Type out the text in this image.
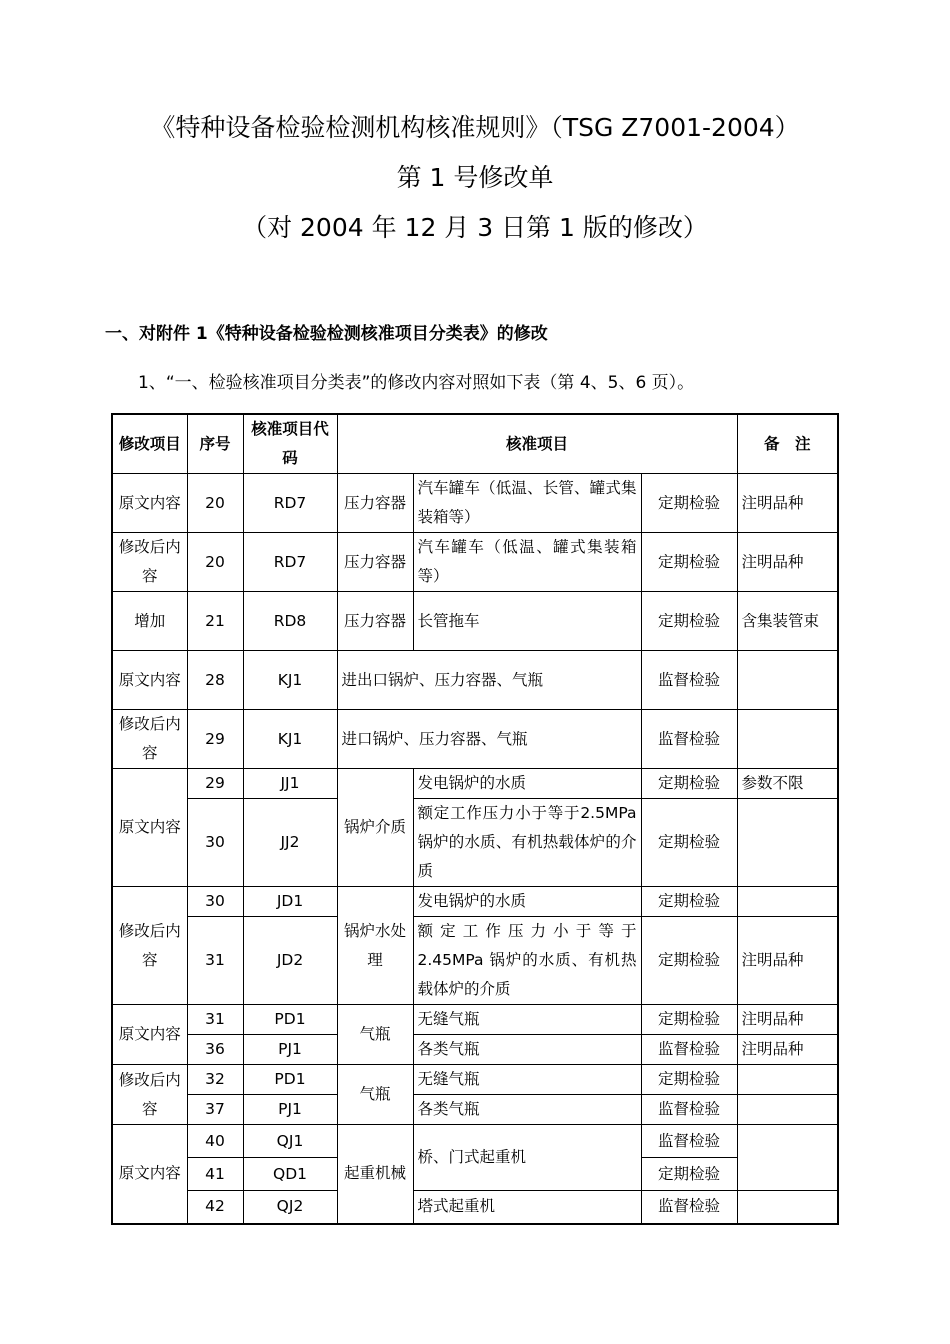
《特种设备检验检测机构核准规则》（TSG Z7001-2004）
第 1 号修改单
（对 2004 年 12 月 3 日第 1 版的修改）
一、对附件 1《特种设备检验检测核准项目分类表》的修改
1、“一、检验核准项目分类表”的修改内容对照如下表（第 4、5、6 页）。
修改项目	序号	核准项目代码	核准项目			备　注
原文内容	20	RD7	压力容器	汽车罐车（低温、长管、罐式集装箱等）	定期检验	注明品种
修改后内容	20	RD7	压力容器	汽车罐车（低温、罐式集装箱等）	定期检验	注明品种
增加	21	RD8	压力容器	长管拖车	定期检验	含集装管束
原文内容	28	KJ1	进出口锅炉、压力容器、气瓶		监督检验	
修改后内容	29	KJ1	进口锅炉、压力容器、气瓶		监督检验	
原文内容	29	JJ1	锅炉介质	发电锅炉的水质	定期检验	参数不限
	30	JJ2		额定工作压力小于等于2.5MPa 锅炉的水质、有机热载体炉的介质	定期检验	
修改后内容	30	JD1	锅炉水处理	发电锅炉的水质	定期检验	
	31	JD2		额定工作压力小于等于2.45MPa 锅炉的水质、有机热载体炉的介质	定期检验	注明品种
原文内容	31	PD1	气瓶	无缝气瓶	定期检验	注明品种
	36	PJ1		各类气瓶	监督检验	注明品种
修改后内容	32	PD1	气瓶	无缝气瓶	定期检验	
	37	PJ1		各类气瓶	监督检验	
原文内容	40	QJ1	起重机械	桥、门式起重机	监督检验	
	41	QD1			定期检验	
	42	QJ2		塔式起重机	监督检验	
